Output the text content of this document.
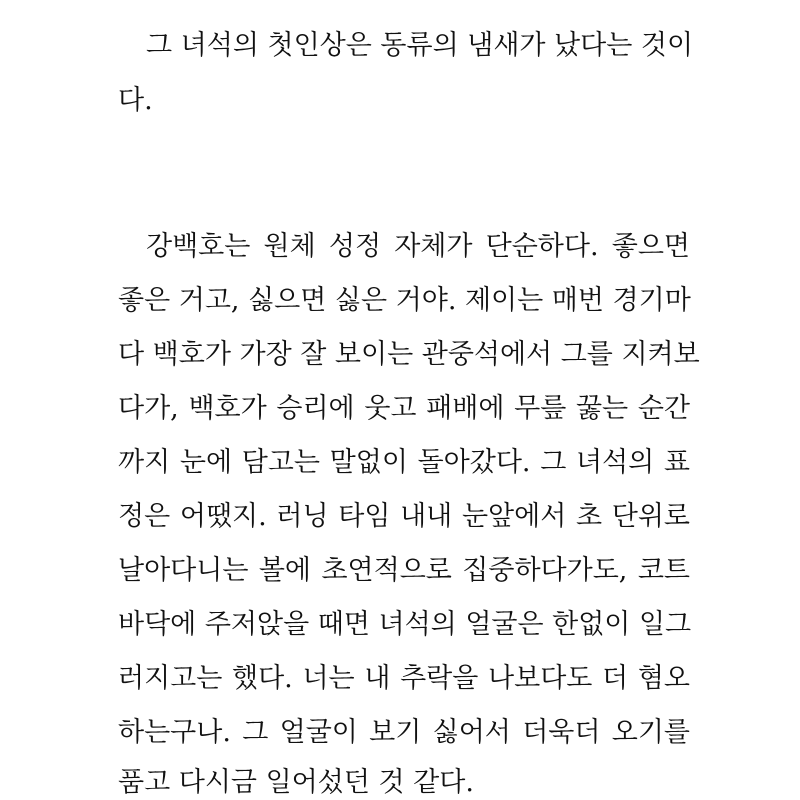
그 녀석의 첫인상은 동류의 냄새가 났다는 것이
다.
강백호는 원체 성정 자체가 단순하다. 좋으면
좋은 거고, 싫으면 싫은 거야. 제이는 매번 경기마
다 백호가 가장 잘 보이는 관중석에서 그를 지켜보
다가, 백호가 승리에 웃고 패배에 무릎 꿇는 순간
까지 눈에 담고는 말없이 돌아갔다. 그 녀석의 표
정은 어땠지. 러닝 타임 내내 눈앞에서 초 단위로
날아다니는 볼에 초연적으로 집중하다가도, 코트
바닥에 주저앉을 때면 녀석의 얼굴은 한없이 일그
러지고는 했다. 너는 내 추락을 나보다도 더 혐오
하는구나. 그 얼굴이 보기 싫어서 더욱더 오기를
품고 다시금 일어섰던 것 같다.
